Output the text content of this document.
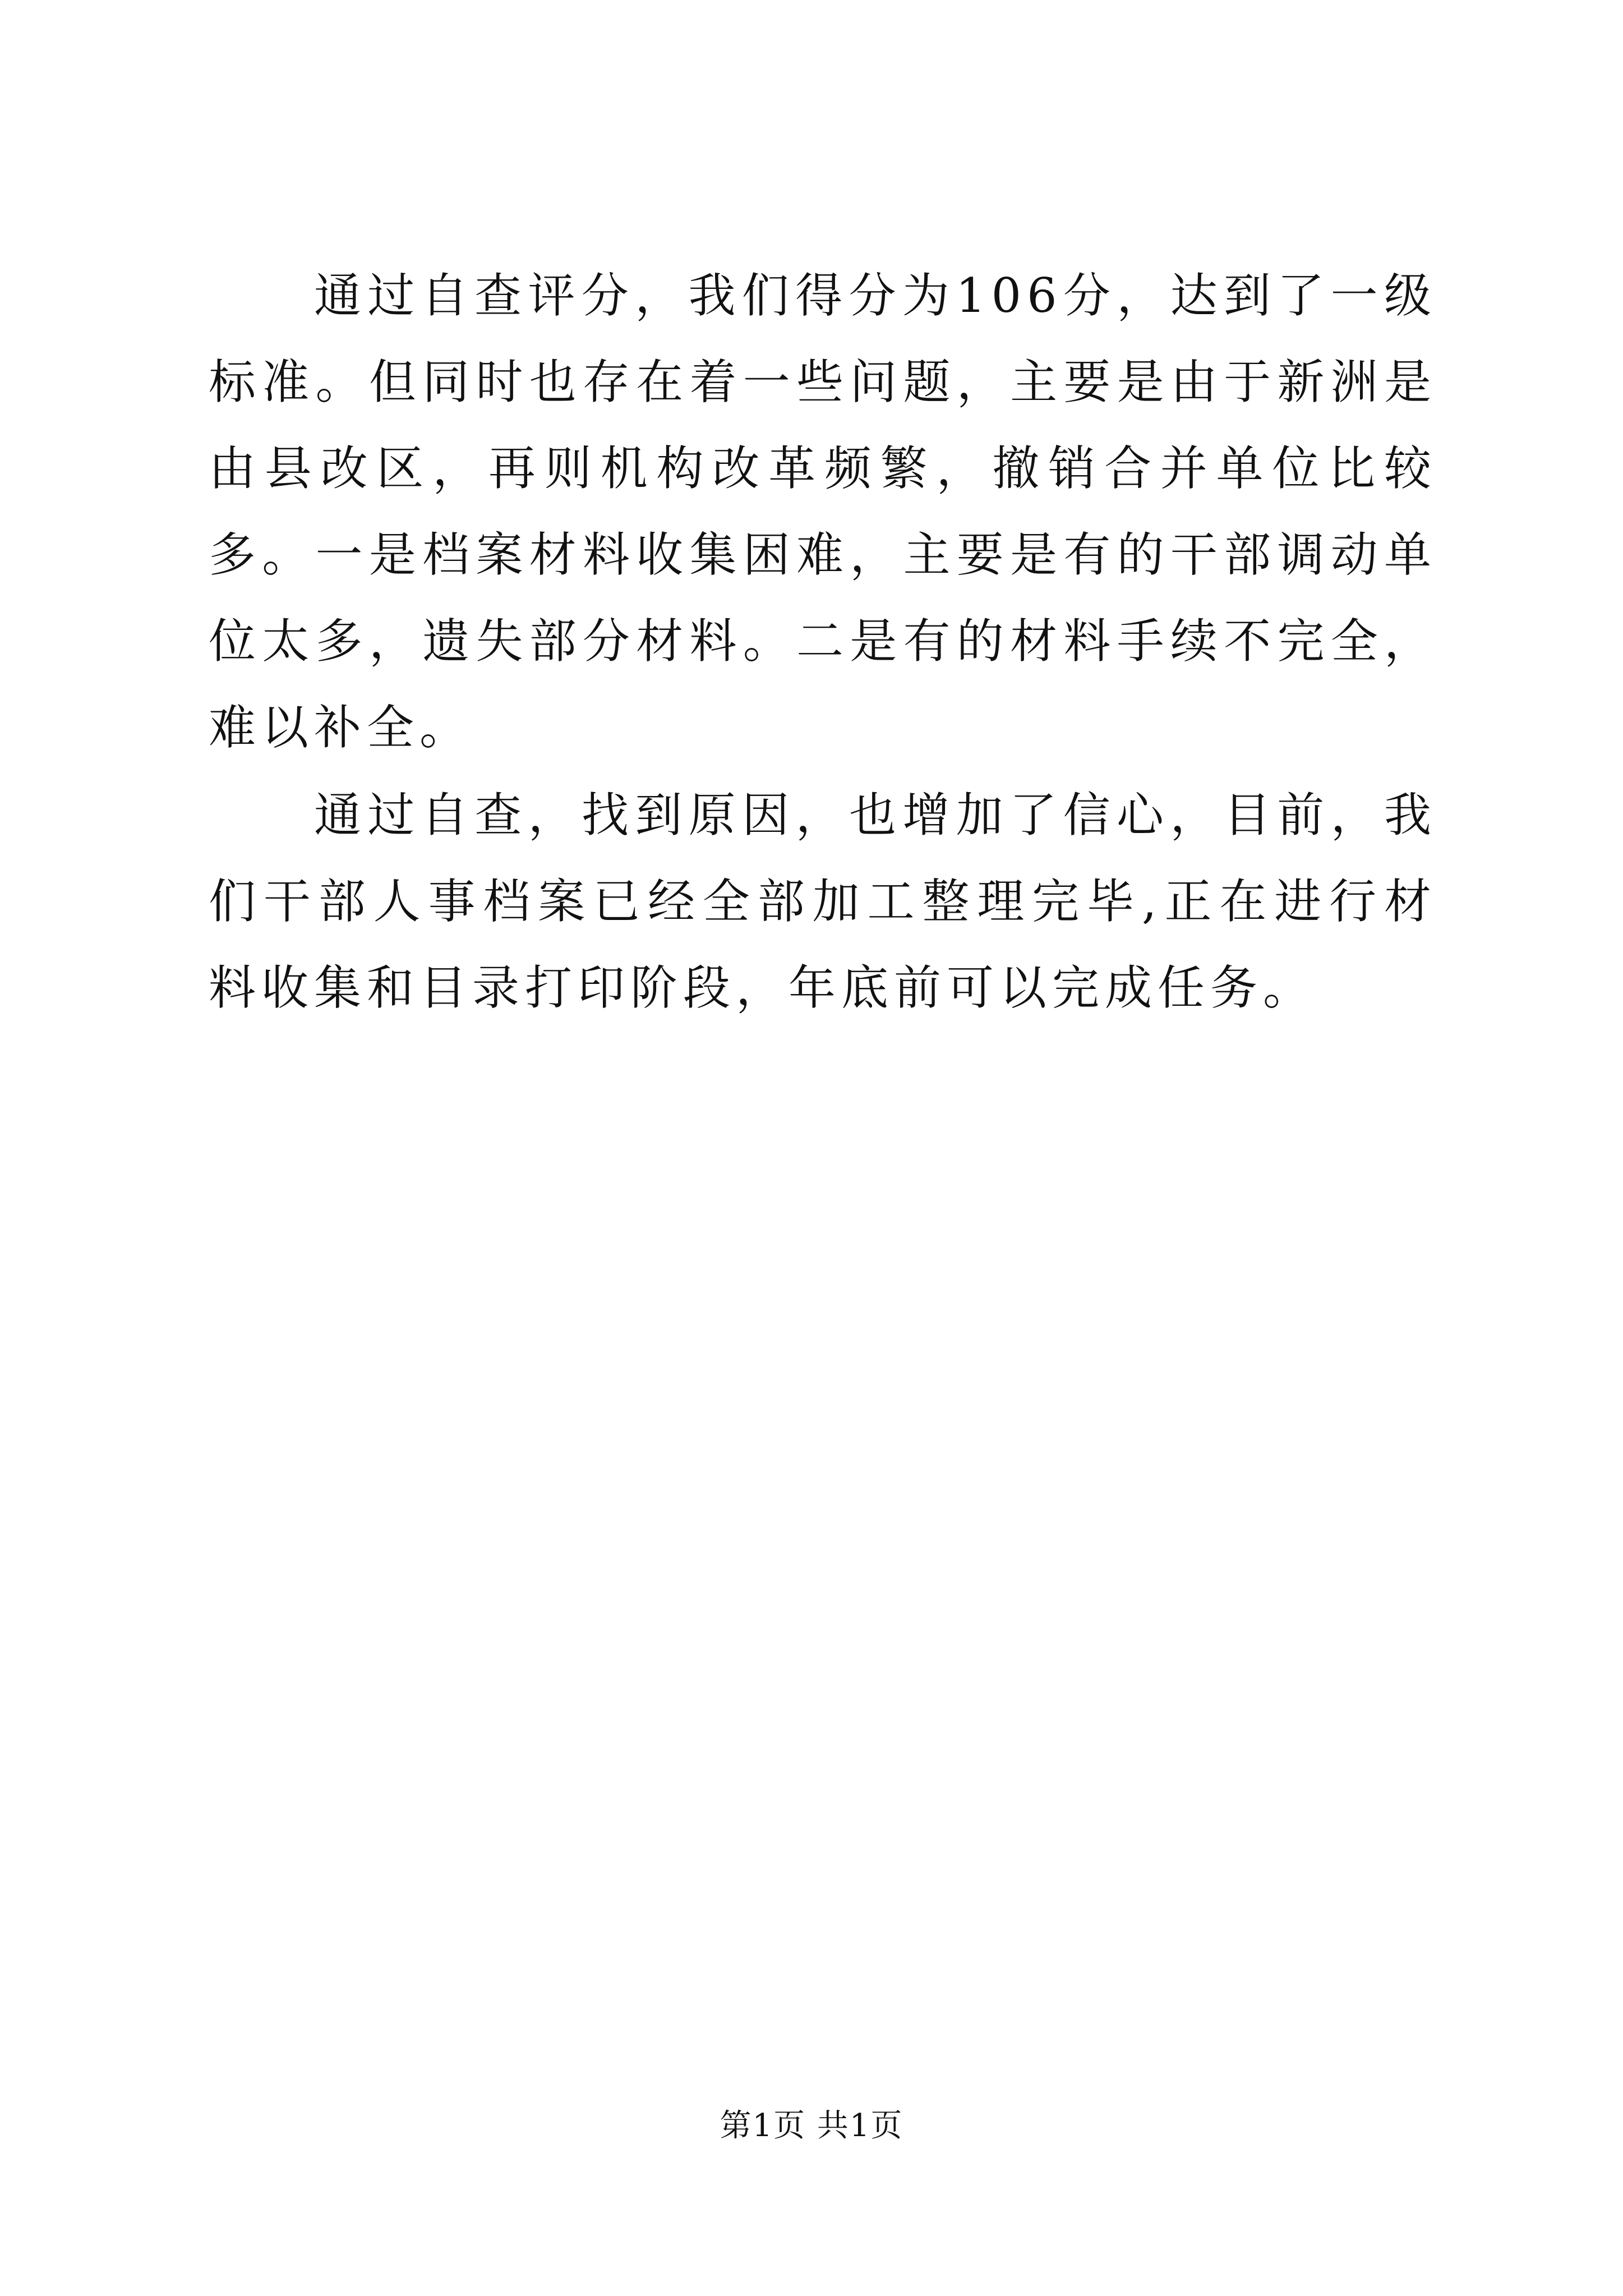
通过自查评分，我们得分为106分，达到了一级标准。但同时也存在着一些问题，主要是由于新洲是由县改区，再则机构改革频繁，撤销合并单位比较多。一是档案材料收集困难，主要是有的干部调动单位太多，遗失部分材料。二是有的材料手续不完全，难以补全。

通过自查，找到原因，也增加了信心，目前，我们干部人事档案已经全部加工整理完毕,正在进行材料收集和目录打印阶段，年底前可以完成任务。

第1页 共1页
